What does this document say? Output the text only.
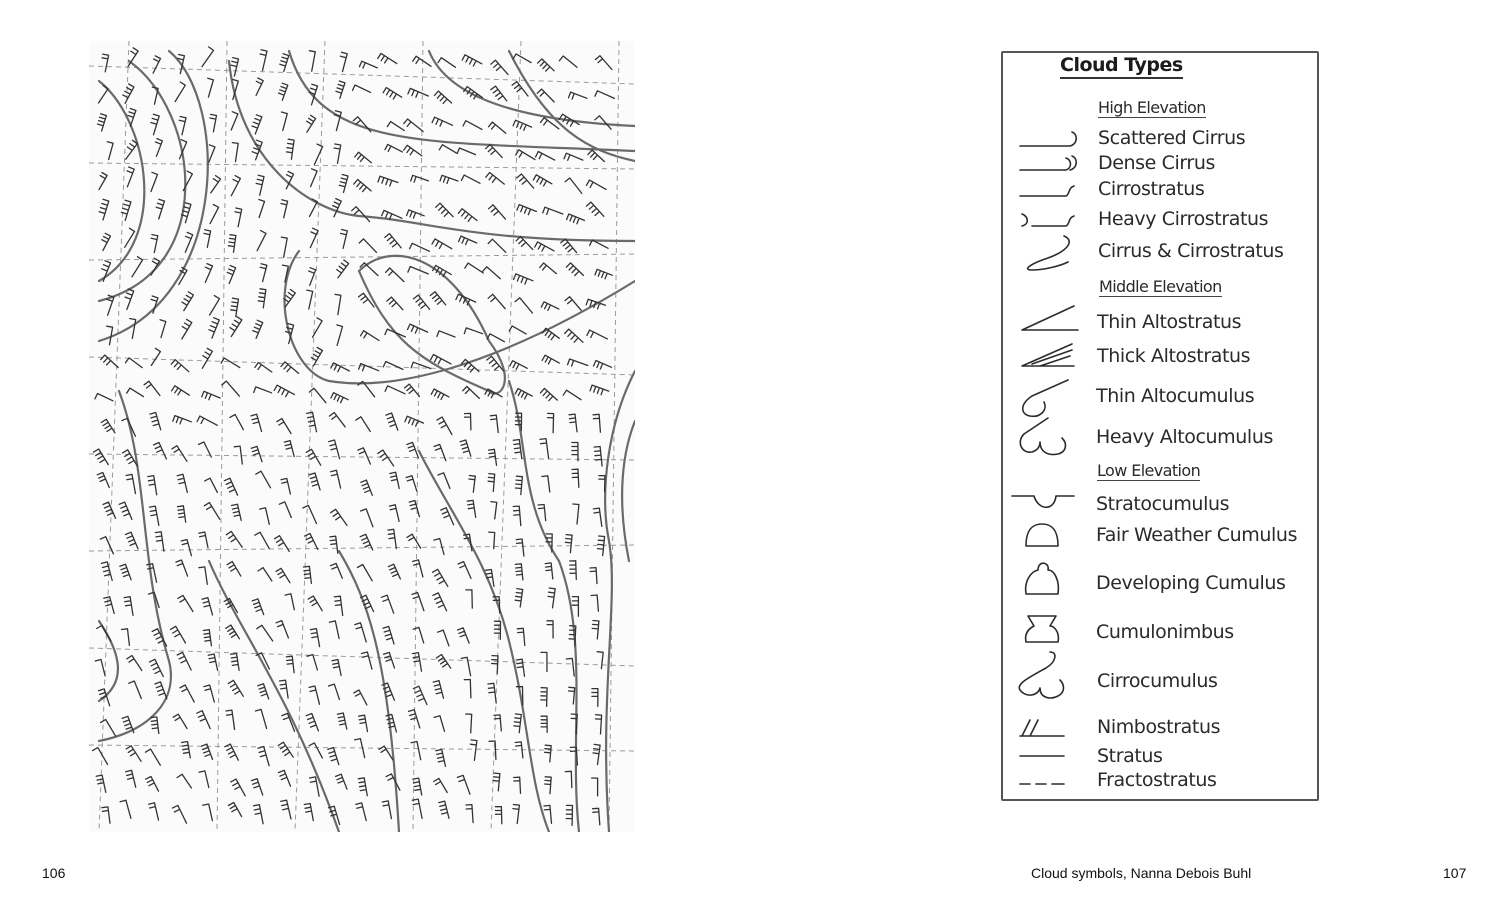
Cloud Types
High Elevation
Scattered Cirrus
Dense Cirrus
Cirrostratus
Heavy Cirrostratus
Cirrus & Cirrostratus
Middle Elevation
Thin Altostratus
Thick Altostratus
Thin Altocumulus
Heavy Altocumulus
Low Elevation
Stratocumulus
Fair Weather Cumulus
Developing Cumulus
Cumulonimbus
Cirrocumulus
Nimbostratus
Stratus
Fractostratus
106	Cloud symbols, Nanna Debois Buhl	107
